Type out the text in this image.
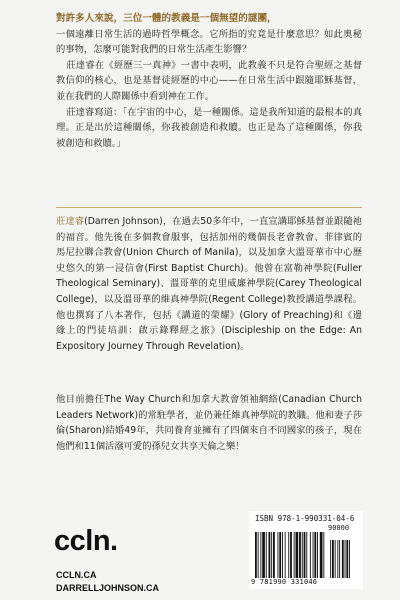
對許多人來說，三位一體的教義是一個無望的謎團，

一個遠離日常生活的過時哲學概念。它所指的究竟是什麼意思？如此奧秘的事物，怎麼可能對我們的日常生活產生影響？

莊達睿在《經歷三一真神》一書中表明，此教義不只是符合聖經之基督教信仰的核心，也是基督徒經歷的中心——在日常生活中跟隨耶穌基督，並在我們的人際關係中看到神在工作。

莊達睿寫道：「在宇宙的中心，是一種關係。這是我所知道的最根本的真理。正是出於這種關係，你我被創造和救贖。也正是為了這種關係，你我被創造和救贖。」

莊達睿(Darren Johnson)，在過去50多年中，一直宣講耶穌基督並跟隨祂的福音。他先後在多個教會服事，包括加州的幾個長老會教會、菲律賓的馬尼拉聯合教會(Union Church of Manila)，以及加拿大溫哥華市中心歷史悠久的第一浸信會(First Baptist Church)。他曾在富勒神學院(Fuller Theological Seminary)、溫哥華的克里威廉神學院(Carey Theological College)，以及溫哥華的維真神學院(Regent College)教授講道學課程。他也撰寫了八本著作，包括《講道的榮耀》(Glory of Preaching)和《邊緣上的門徒培訓：啟示錄釋經之旅》(Discipleship on the Edge: An Expository Journey Through Revelation)。

他目前擔任The Way Church和加拿大教會領袖網絡(Canadian Church Leaders Network)的常駐學者，並仍兼任維真神學院的教職。他和妻子莎倫(Sharon)結婚49年，共同養育並擁有了四個來自不同國家的孩子，現在他們和11個活潑可愛的孫兒女共享天倫之樂！

ccln.
CCLN.CA
DARRELLJOHNSON.CA
ISBN 978-1-990331-04-6
90000
9 781990 331046
